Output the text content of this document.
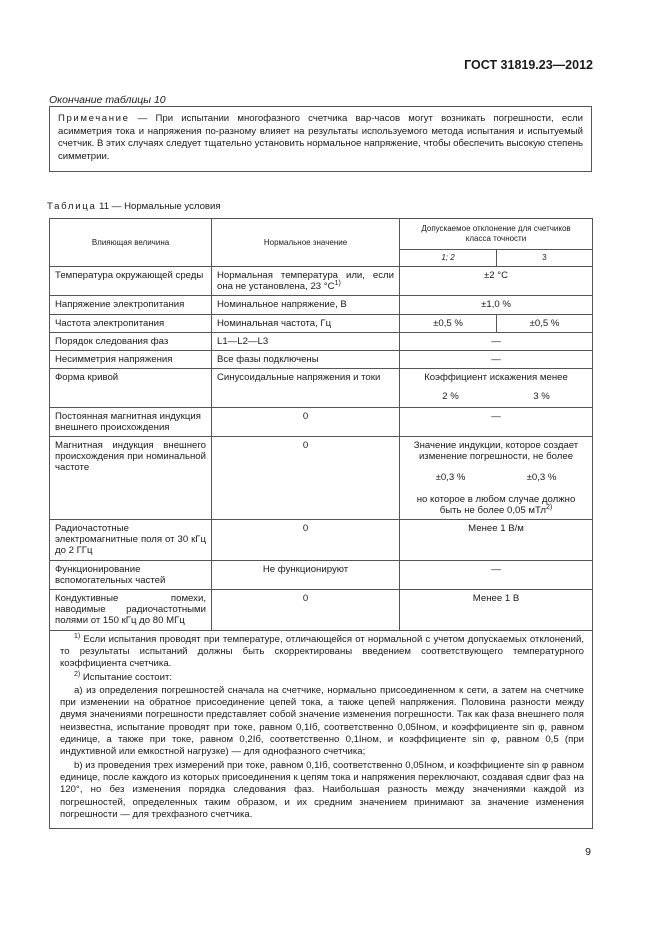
ГОСТ 31819.23—2012
Окончание таблицы 10
Примечание — При испытании многофазного счетчика вар-часов могут возникать погрешности, если асимметрия тока и напряжения по-разному влияет на результаты используемого метода испытания и испытуемый счетчик. В этих случаях следует тщательно установить нормальное напряжение, чтобы обеспечить высокую степень симметрии.
Таблица 11 — Нормальные условия
Влияющая величина	Нормальное значение	Допускаемое отклонение для счетчиков класса точности	
		1; 2	3
Температура окружающей среды	Нормальная температура или, если она не установлена, 23 $^\circ С^{1)}$	±2 °С	
Напряжение электропитания	Номинальное напряжение, В	±1,0 %	
Частота электропитания	Номинальная частота, Гц	±0,5 %	±0,5 %
Порядок следования фаз	L1—L2—L3	—	
Несимметрия напряжения	Все фазы подключены	—	
Форма кривой	Синусоидальные напряжения и токи	Коэффициент искажения менее
2 % 3 %	

Постоянная магнитная индукция внешнего происхождения	0	—	
Магнитная индукция внешнего происхождения при номинальной частоте	0	Значение индукции, которое создает изменение погрешности, не более
±0,3 % ±0,3 %
но которое в любом случае должно быть не более 0,05 мТл$^{2)}$

Радиочастотные электромагнитные поля от 30 кГц до 2 ГГц	0	Менее 1 В/м	
Функционирование вспомогательных частей	Не функционируют	—	
Кондуктивные помехи, наводимые радиочастотными полями от 150 кГц до 80 МГц	0	Менее 1 В	

$^{1)}$ Если испытания проводят при температуре, отличающейся от нормальной с учетом допускаемых отклонений, то результаты испытаний должны быть скорректированы введением соответствующего температурного коэффициента счетчика.

$^{2)}$ Испытание состоит:

a) из определения погрешностей сначала на счетчике, нормально присоединенном к сети, а затем на счетчике при изменении на обратное присоединение цепей тока, а также цепей напряжения. Половина разности между двумя значениями погрешности представляет собой значение изменения погрешности. Так как фаза внешнего поля неизвестна, испытание проводят при токе, равном 0,1Iб, соответственно 0,05Iном, и коэффициенте sin φ, равном единице, а также при токе, равном 0,2Iб, соответственно 0,1Iном, и коэффициенте sin φ, равном 0,5 (при индуктивной или емкостной нагрузке) — для однофазного счетчика;

b) из проведения трех измерений при токе, равном 0,1Iб, соответственно 0,05Iном, и коэффициенте sin φ равном единице, после каждого из которых присоединения к цепям тока и напряжения переключают, создавая сдвиг фаз на 120°, но без изменения порядка следования фаз. Наибольшая разность между значениями каждой из погрешностей, определенных таким образом, и их средним значением принимают за значение изменения погрешности — для трехфазного счетчика.			

9
